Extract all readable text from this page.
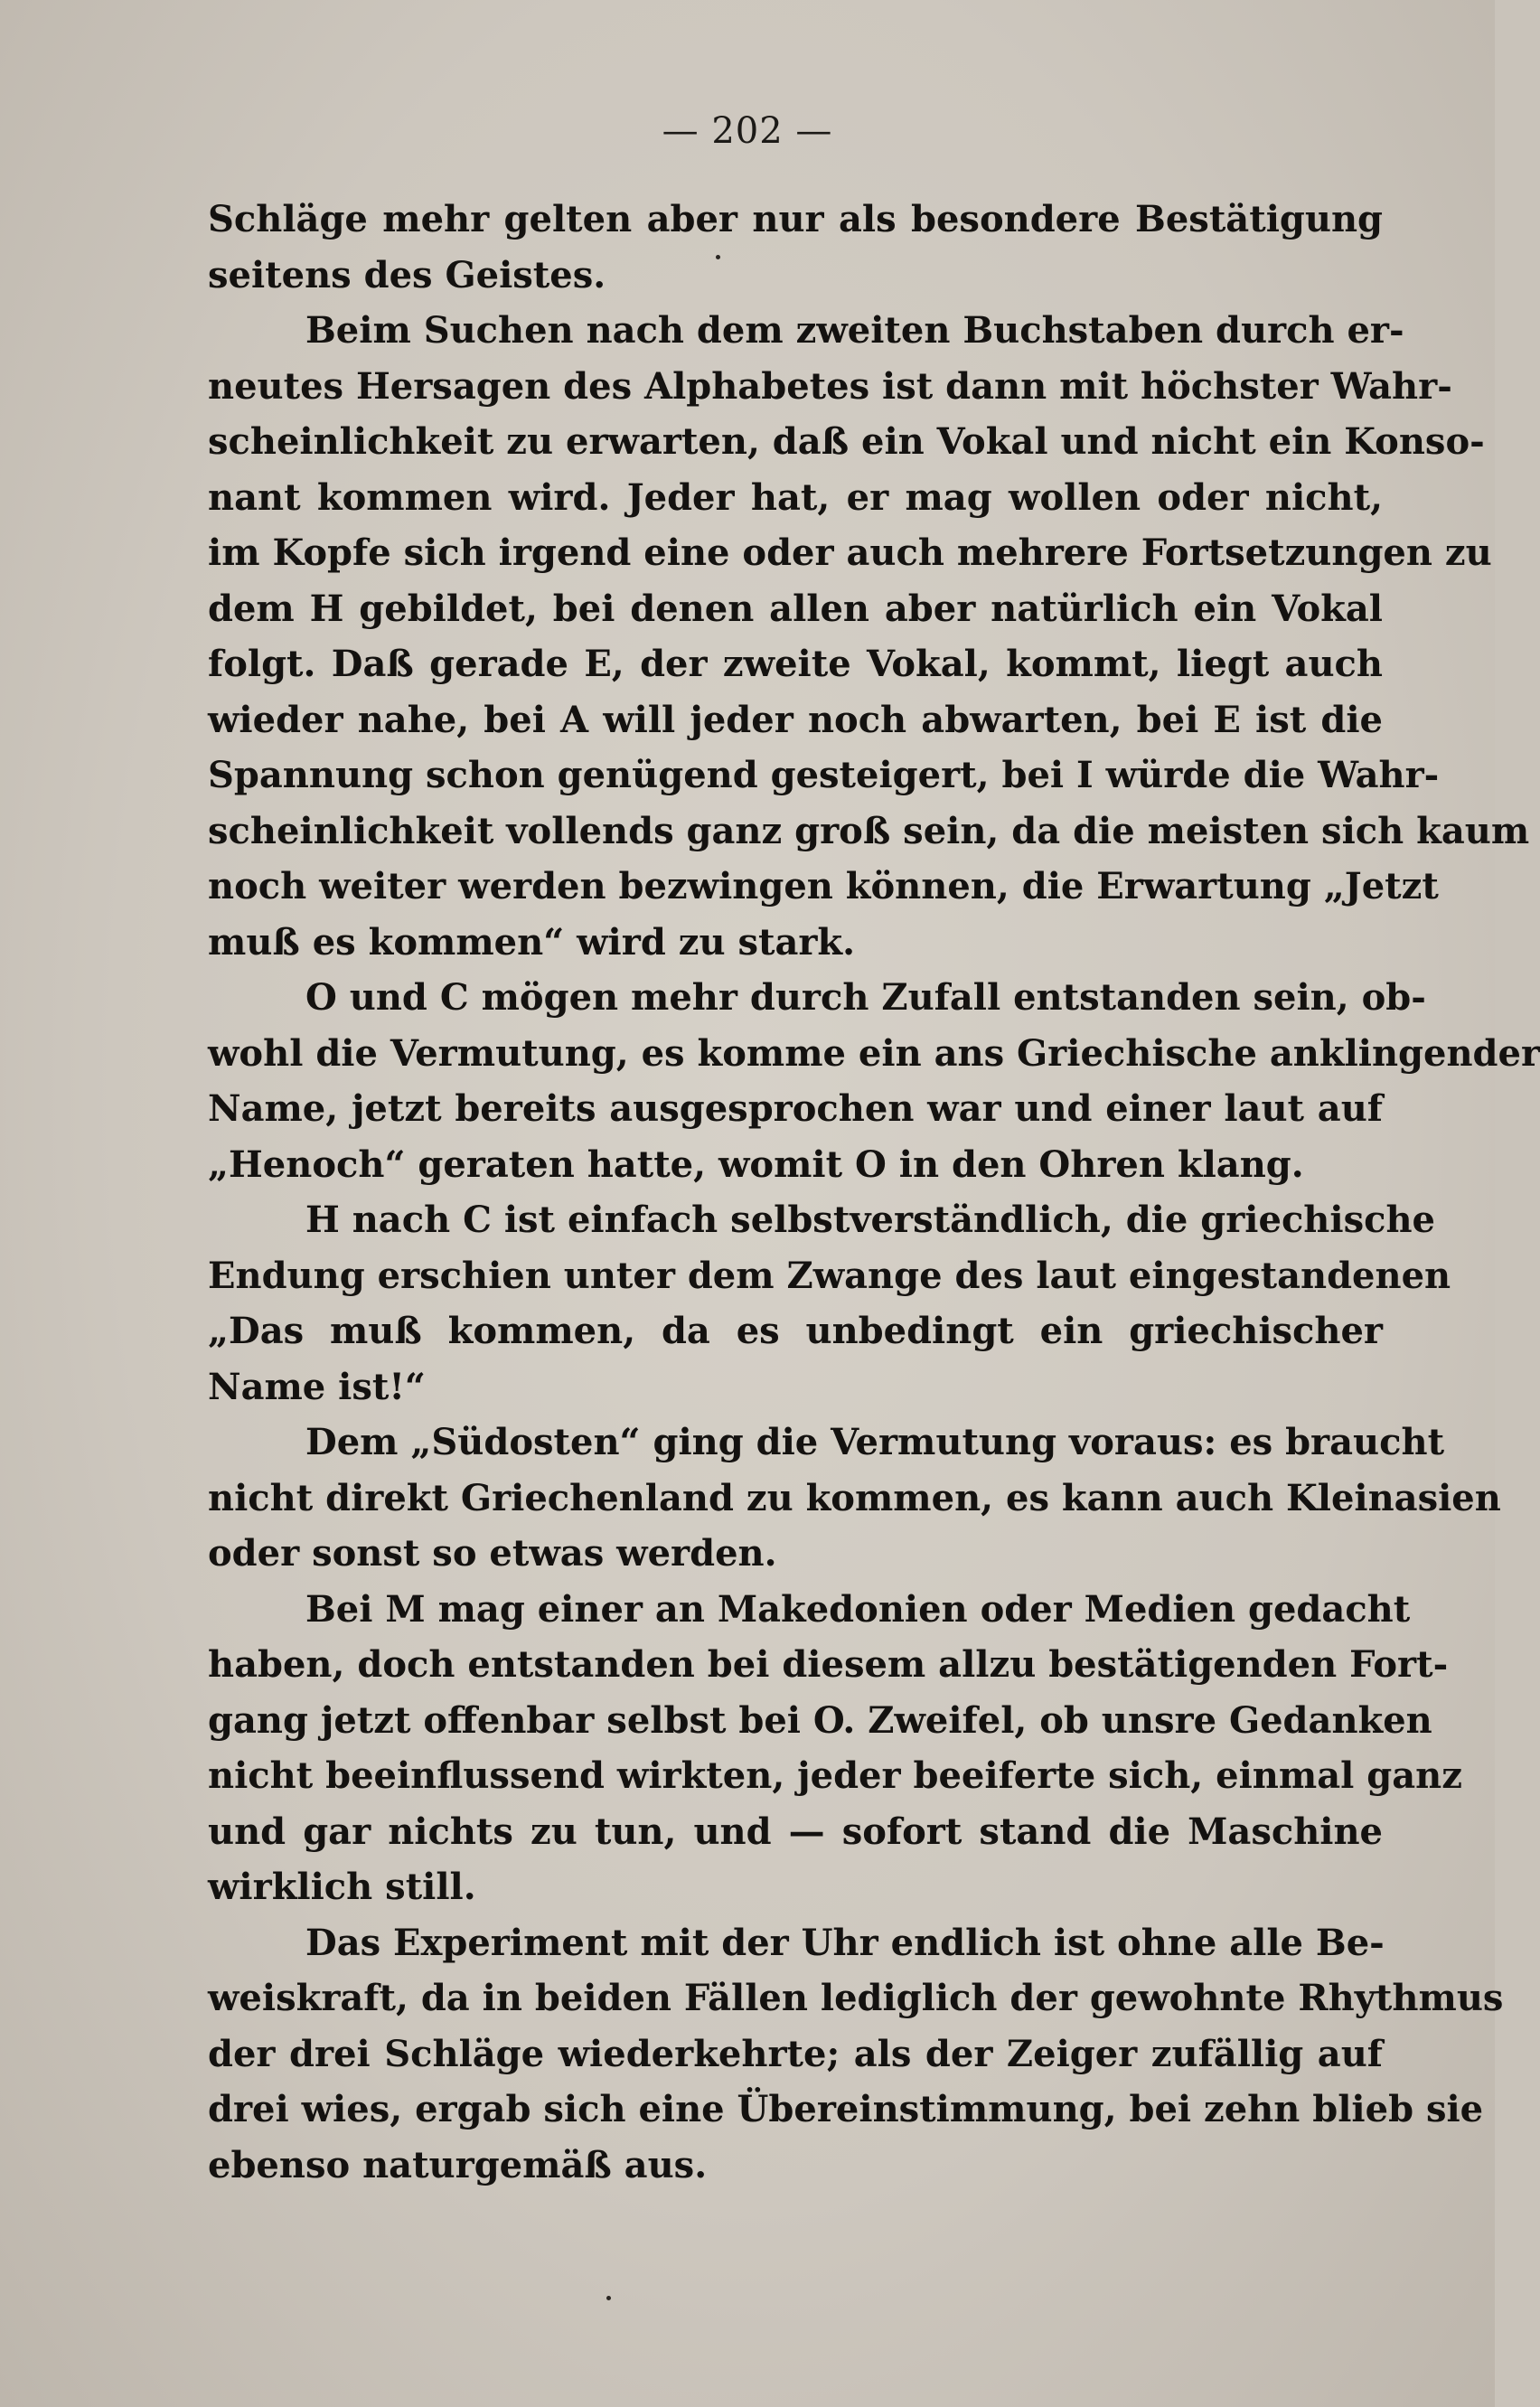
— 202 —
Schläge mehr gelten aber nur als besondere Bestätigung
seitens des Geistes.
Beim Suchen nach dem zweiten Buchstaben durch er-
neutes Hersagen des Alphabetes ist dann mit höchster Wahr-
scheinlichkeit zu erwarten, daß ein Vokal und nicht ein Konso-
nant kommen wird. Jeder hat, er mag wollen oder nicht,
im Kopfe sich irgend eine oder auch mehrere Fortsetzungen zu
dem H gebildet, bei denen allen aber natürlich ein Vokal
folgt. Daß gerade E, der zweite Vokal, kommt, liegt auch
wieder nahe, bei A will jeder noch abwarten, bei E ist die
Spannung schon genügend gesteigert, bei I würde die Wahr-
scheinlichkeit vollends ganz groß sein, da die meisten sich kaum
noch weiter werden bezwingen können, die Erwartung „Jetzt
muß es kommen“ wird zu stark.
O und C mögen mehr durch Zufall entstanden sein, ob-
wohl die Vermutung, es komme ein ans Griechische anklingender
Name, jetzt bereits ausgesprochen war und einer laut auf
„Henoch“ geraten hatte, womit O in den Ohren klang.
H nach C ist einfach selbstverständlich, die griechische
Endung erschien unter dem Zwange des laut eingestandenen
„Das muß kommen, da es unbedingt ein griechischer
Name ist!“
Dem „Südosten“ ging die Vermutung voraus: es braucht
nicht direkt Griechenland zu kommen, es kann auch Kleinasien
oder sonst so etwas werden.
Bei M mag einer an Makedonien oder Medien gedacht
haben, doch entstanden bei diesem allzu bestätigenden Fort-
gang jetzt offenbar selbst bei O. Zweifel, ob unsre Gedanken
nicht beeinflussend wirkten, jeder beeiferte sich, einmal ganz
und gar nichts zu tun, und — sofort stand die Maschine
wirklich still.
Das Experiment mit der Uhr endlich ist ohne alle Be-
weiskraft, da in beiden Fällen lediglich der gewohnte Rhythmus
der drei Schläge wiederkehrte; als der Zeiger zufällig auf
drei wies, ergab sich eine Übereinstimmung, bei zehn blieb sie
ebenso naturgemäß aus.
